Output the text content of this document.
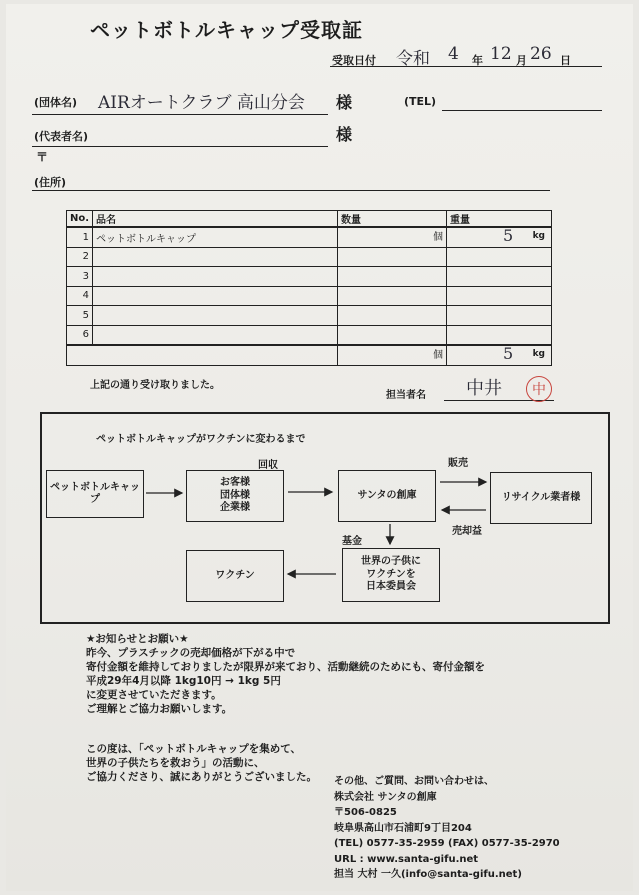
ペットボトルキャップ受取証
受取日付 令和 4 年 12 月 26 日
(団体名) AIRオートクラブ 高山分会 様	(TEL)
(代表者名)	様
〒
(住所)
No.	品名	数量	重量
1	ペットボトルキャップ	個	5 kg

2			

3			

4			

5			

6			

		個	5 kg
上記の通り受け取りました。
担当者名 中井 中
ペットボトルキャップがワクチンに変わるまで
ペットボトルキャップ
お客様
団体様
企業様
サンタの創庫	リサイクル業者様
世界の子供に
ワクチンを
日本委員会
ワクチン
回収	販売
売却益
基金
★お知らせとお願い★
昨今、プラスチックの売却価格が下がる中で
寄付金額を維持しておりましたが限界が来ており、活動継続のためにも、寄付金額を
平成29年4月以降 1kg10円 → 1kg 5円
に変更させていただきます。
ご理解とご協力お願いします。
この度は、「ペットボトルキャップを集めて、
世界の子供たちを救おう」の活動に、
ご協力くださり、誠にありがとうございました。 その他、ご質問、お問い合わせは、
株式会社 サンタの創庫
〒506-0825
岐阜県高山市石浦町9丁目204
(TEL) 0577-35-2959 (FAX) 0577-35-2970
URL : www.santa-gifu.net
担当 大村 一久(info@santa-gifu.net)
